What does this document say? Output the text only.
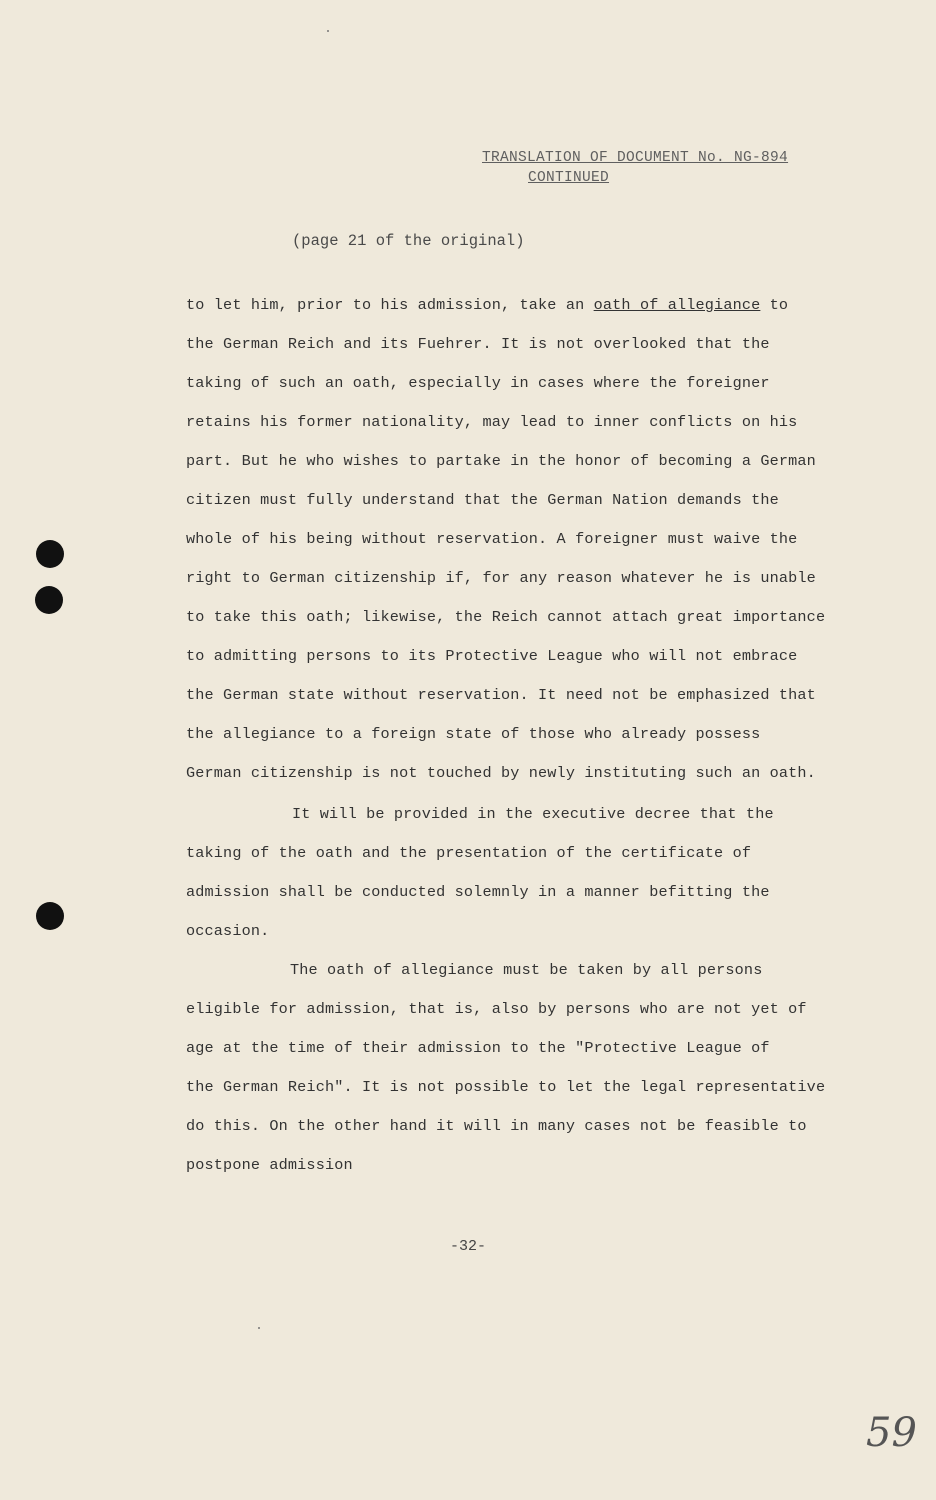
TRANSLATION OF DOCUMENT No. NG-894
CONTINUED
(page 21 of the original)
to let him, prior to his admission, take an oath of allegiance to
the German Reich and its Fuehrer. It is not overlooked that the
taking of such an oath, especially in cases where the foreigner
retains his former nationality, may lead to inner conflicts on his
part. But he who wishes to partake in the honor of becoming a German
citizen must fully understand that the German Nation demands the
whole of his being without reservation. A foreigner must waive the
right to German citizenship if, for any reason whatever he is unable
to take this oath; likewise, the Reich cannot attach great importance
to admitting persons to its Protective League who will not embrace
the German state without reservation. It need not be emphasized that
the allegiance to a foreign state of those who already possess
German citizenship is not touched by newly instituting such an oath.
It will be provided in the executive decree that the
taking of the oath and the presentation of the certificate of
admission shall be conducted solemnly in a manner befitting the
occasion.
The oath of allegiance must be taken by all persons
eligible for admission, that is, also by persons who are not yet of
age at the time of their admission to the "Protective League of
the German Reich". It is not possible to let the legal representative
do this. On the other hand it will in many cases not be feasible to
postpone admission
-32-
59
